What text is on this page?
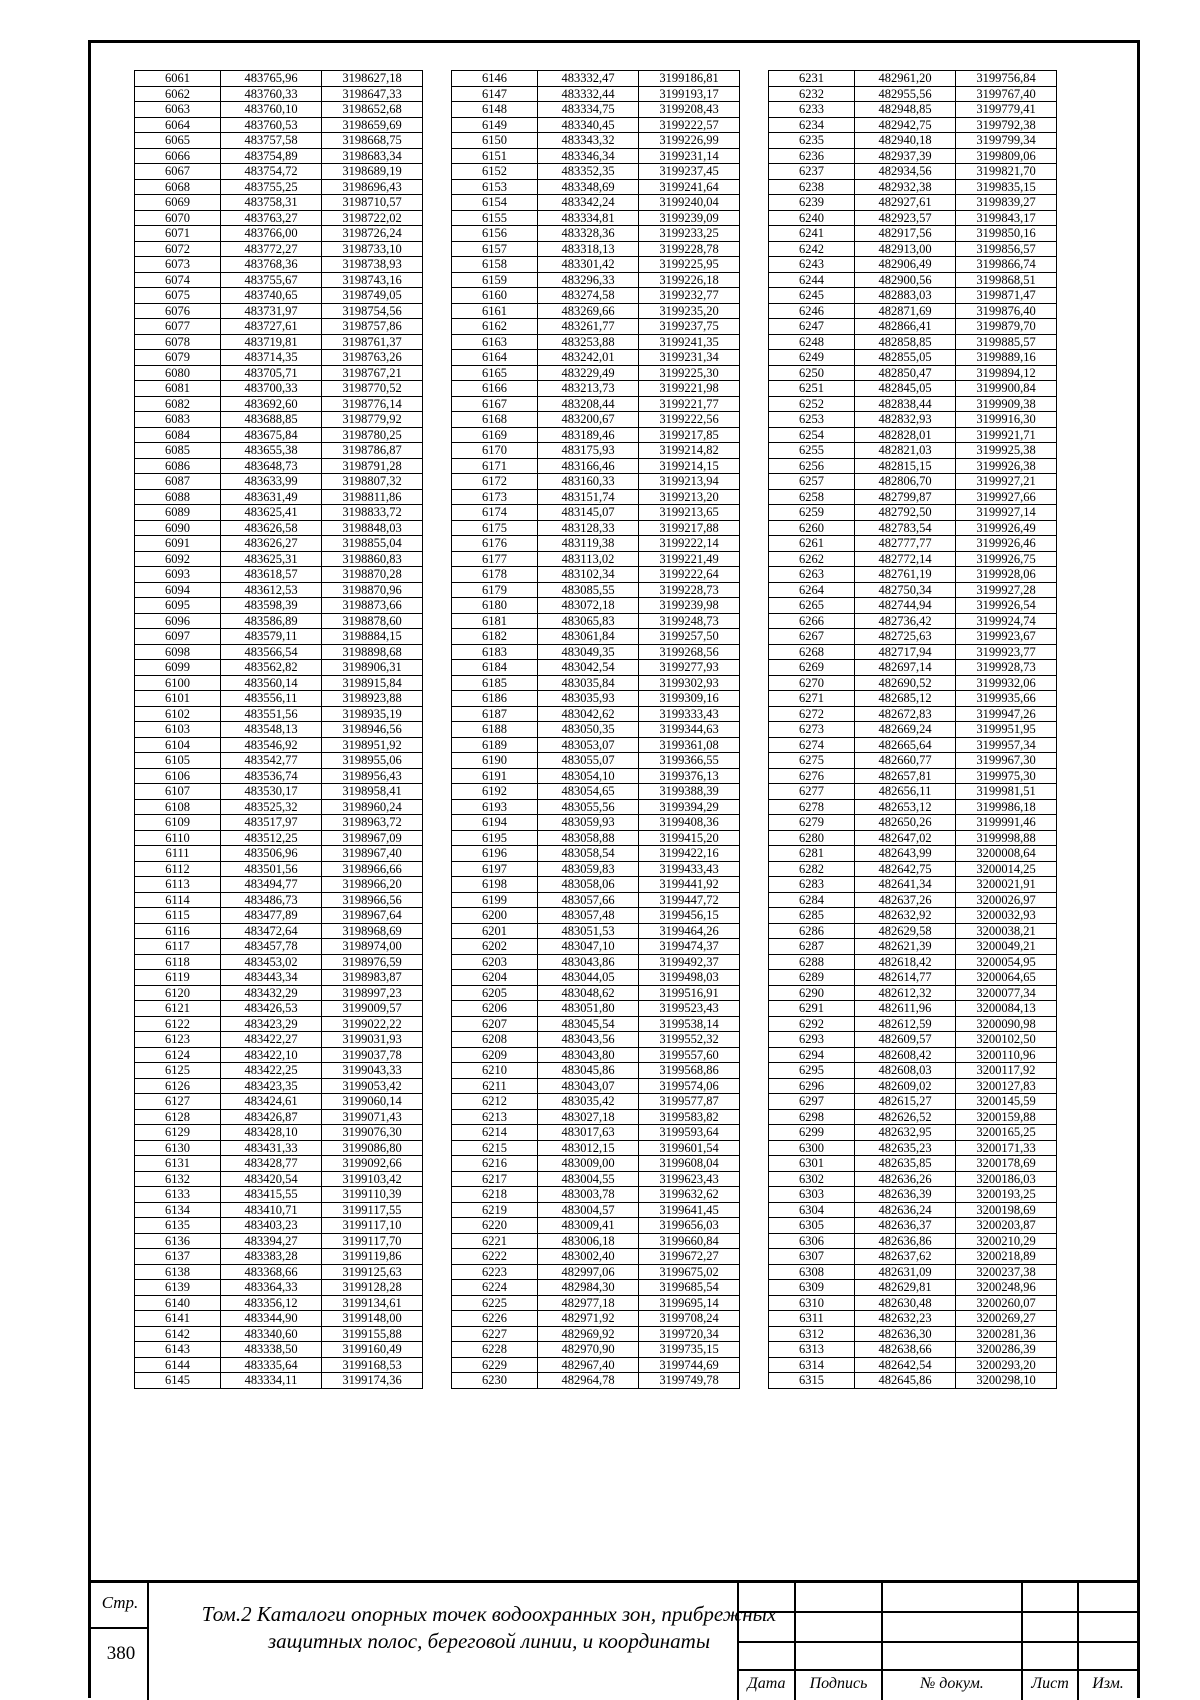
6061	483765,96	3198627,18
6062	483760,33	3198647,33
6063	483760,10	3198652,68
6064	483760,53	3198659,69
6065	483757,58	3198668,75
6066	483754,89	3198683,34
6067	483754,72	3198689,19
6068	483755,25	3198696,43
6069	483758,31	3198710,57
6070	483763,27	3198722,02
6071	483766,00	3198726,24
6072	483772,27	3198733,10
6073	483768,36	3198738,93
6074	483755,67	3198743,16
6075	483740,65	3198749,05
6076	483731,97	3198754,56
6077	483727,61	3198757,86
6078	483719,81	3198761,37
6079	483714,35	3198763,26
6080	483705,71	3198767,21
6081	483700,33	3198770,52
6082	483692,60	3198776,14
6083	483688,85	3198779,92
6084	483675,84	3198780,25
6085	483655,38	3198786,87
6086	483648,73	3198791,28
6087	483633,99	3198807,32
6088	483631,49	3198811,86
6089	483625,41	3198833,72
6090	483626,58	3198848,03
6091	483626,27	3198855,04
6092	483625,31	3198860,83
6093	483618,57	3198870,28
6094	483612,53	3198870,96
6095	483598,39	3198873,66
6096	483586,89	3198878,60
6097	483579,11	3198884,15
6098	483566,54	3198898,68
6099	483562,82	3198906,31
6100	483560,14	3198915,84
6101	483556,11	3198923,88
6102	483551,56	3198935,19
6103	483548,13	3198946,56
6104	483546,92	3198951,92
6105	483542,77	3198955,06
6106	483536,74	3198956,43
6107	483530,17	3198958,41
6108	483525,32	3198960,24
6109	483517,97	3198963,72
6110	483512,25	3198967,09
6111	483506,96	3198967,40
6112	483501,56	3198966,66
6113	483494,77	3198966,20
6114	483486,73	3198966,56
6115	483477,89	3198967,64
6116	483472,64	3198968,69
6117	483457,78	3198974,00
6118	483453,02	3198976,59
6119	483443,34	3198983,87
6120	483432,29	3198997,23
6121	483426,53	3199009,57
6122	483423,29	3199022,22
6123	483422,27	3199031,93
6124	483422,10	3199037,78
6125	483422,25	3199043,33
6126	483423,35	3199053,42
6127	483424,61	3199060,14
6128	483426,87	3199071,43
6129	483428,10	3199076,30
6130	483431,33	3199086,80
6131	483428,77	3199092,66
6132	483420,54	3199103,42
6133	483415,55	3199110,39
6134	483410,71	3199117,55
6135	483403,23	3199117,10
6136	483394,27	3199117,70
6137	483383,28	3199119,86
6138	483368,66	3199125,63
6139	483364,33	3199128,28
6140	483356,12	3199134,61
6141	483344,90	3199148,00
6142	483340,60	3199155,88
6143	483338,50	3199160,49
6144	483335,64	3199168,53
6145	483334,11	3199174,36
6146	483332,47	3199186,81
6147	483332,44	3199193,17
6148	483334,75	3199208,43
6149	483340,45	3199222,57
6150	483343,32	3199226,99
6151	483346,34	3199231,14
6152	483352,35	3199237,45
6153	483348,69	3199241,64
6154	483342,24	3199240,04
6155	483334,81	3199239,09
6156	483328,36	3199233,25
6157	483318,13	3199228,78
6158	483301,42	3199225,95
6159	483296,33	3199226,18
6160	483274,58	3199232,77
6161	483269,66	3199235,20
6162	483261,77	3199237,75
6163	483253,88	3199241,35
6164	483242,01	3199231,34
6165	483229,49	3199225,30
6166	483213,73	3199221,98
6167	483208,44	3199221,77
6168	483200,67	3199222,56
6169	483189,46	3199217,85
6170	483175,93	3199214,82
6171	483166,46	3199214,15
6172	483160,33	3199213,94
6173	483151,74	3199213,20
6174	483145,07	3199213,65
6175	483128,33	3199217,88
6176	483119,38	3199222,14
6177	483113,02	3199221,49
6178	483102,34	3199222,64
6179	483085,55	3199228,73
6180	483072,18	3199239,98
6181	483065,83	3199248,73
6182	483061,84	3199257,50
6183	483049,35	3199268,56
6184	483042,54	3199277,93
6185	483035,84	3199302,93
6186	483035,93	3199309,16
6187	483042,62	3199333,43
6188	483050,35	3199344,63
6189	483053,07	3199361,08
6190	483055,07	3199366,55
6191	483054,10	3199376,13
6192	483054,65	3199388,39
6193	483055,56	3199394,29
6194	483059,93	3199408,36
6195	483058,88	3199415,20
6196	483058,54	3199422,16
6197	483059,83	3199433,43
6198	483058,06	3199441,92
6199	483057,66	3199447,72
6200	483057,48	3199456,15
6201	483051,53	3199464,26
6202	483047,10	3199474,37
6203	483043,86	3199492,37
6204	483044,05	3199498,03
6205	483048,62	3199516,91
6206	483051,80	3199523,43
6207	483045,54	3199538,14
6208	483043,56	3199552,32
6209	483043,80	3199557,60
6210	483045,86	3199568,86
6211	483043,07	3199574,06
6212	483035,42	3199577,87
6213	483027,18	3199583,82
6214	483017,63	3199593,64
6215	483012,15	3199601,54
6216	483009,00	3199608,04
6217	483004,55	3199623,43
6218	483003,78	3199632,62
6219	483004,57	3199641,45
6220	483009,41	3199656,03
6221	483006,18	3199660,84
6222	483002,40	3199672,27
6223	482997,06	3199675,02
6224	482984,30	3199685,54
6225	482977,18	3199695,14
6226	482971,92	3199708,24
6227	482969,92	3199720,34
6228	482970,90	3199735,15
6229	482967,40	3199744,69
6230	482964,78	3199749,78
6231	482961,20	3199756,84
6232	482955,56	3199767,40
6233	482948,85	3199779,41
6234	482942,75	3199792,38
6235	482940,18	3199799,34
6236	482937,39	3199809,06
6237	482934,56	3199821,70
6238	482932,38	3199835,15
6239	482927,61	3199839,27
6240	482923,57	3199843,17
6241	482917,56	3199850,16
6242	482913,00	3199856,57
6243	482906,49	3199866,74
6244	482900,56	3199868,51
6245	482883,03	3199871,47
6246	482871,69	3199876,40
6247	482866,41	3199879,70
6248	482858,85	3199885,57
6249	482855,05	3199889,16
6250	482850,47	3199894,12
6251	482845,05	3199900,84
6252	482838,44	3199909,38
6253	482832,93	3199916,30
6254	482828,01	3199921,71
6255	482821,03	3199925,38
6256	482815,15	3199926,38
6257	482806,70	3199927,21
6258	482799,87	3199927,66
6259	482792,50	3199927,14
6260	482783,54	3199926,49
6261	482777,77	3199926,46
6262	482772,14	3199926,75
6263	482761,19	3199928,06
6264	482750,34	3199927,28
6265	482744,94	3199926,54
6266	482736,42	3199924,74
6267	482725,63	3199923,67
6268	482717,94	3199923,77
6269	482697,14	3199928,73
6270	482690,52	3199932,06
6271	482685,12	3199935,66
6272	482672,83	3199947,26
6273	482669,24	3199951,95
6274	482665,64	3199957,34
6275	482660,77	3199967,30
6276	482657,81	3199975,30
6277	482656,11	3199981,51
6278	482653,12	3199986,18
6279	482650,26	3199991,46
6280	482647,02	3199998,88
6281	482643,99	3200008,64
6282	482642,75	3200014,25
6283	482641,34	3200021,91
6284	482637,26	3200026,97
6285	482632,92	3200032,93
6286	482629,58	3200038,21
6287	482621,39	3200049,21
6288	482618,42	3200054,95
6289	482614,77	3200064,65
6290	482612,32	3200077,34
6291	482611,96	3200084,13
6292	482612,59	3200090,98
6293	482609,57	3200102,50
6294	482608,42	3200110,96
6295	482608,03	3200117,92
6296	482609,02	3200127,83
6297	482615,27	3200145,59
6298	482626,52	3200159,88
6299	482632,95	3200165,25
6300	482635,23	3200171,33
6301	482635,85	3200178,69
6302	482636,26	3200186,03
6303	482636,39	3200193,25
6304	482636,24	3200198,69
6305	482636,37	3200203,87
6306	482636,86	3200210,29
6307	482637,62	3200218,89
6308	482631,09	3200237,38
6309	482629,81	3200248,96
6310	482630,48	3200260,07
6311	482632,23	3200269,27
6312	482636,30	3200281,36
6313	482638,66	3200286,39
6314	482642,54	3200293,20
6315	482645,86	3200298,10
Стр.
380
Том.2 Каталоги опорных точек водоохранных зон, прибрежных
защитных полос, береговой линии, и координаты
Дата	Подпись	№ докум.	Лист	Изм.
